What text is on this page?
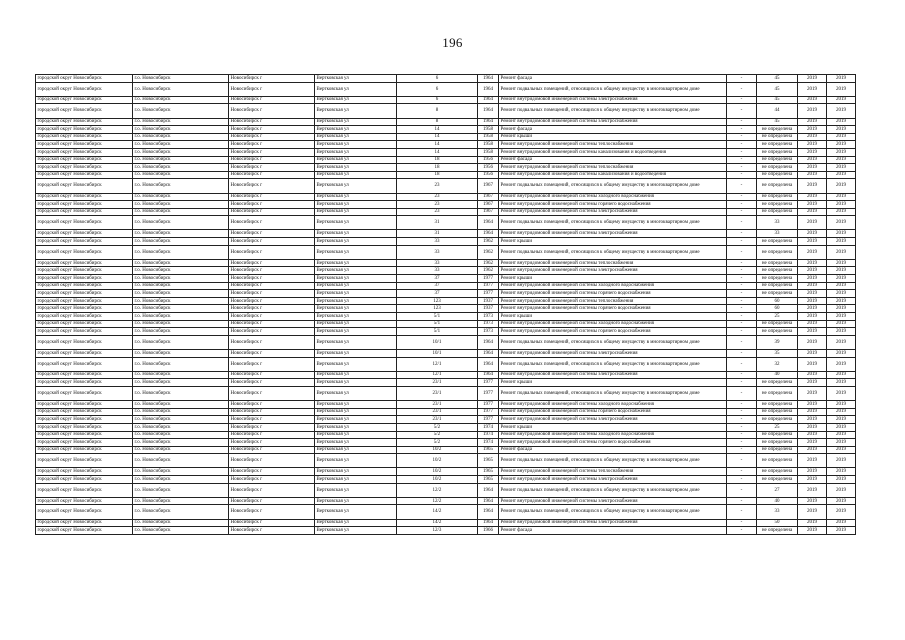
196
городской округ Новосибирск	г.о. Новосибирск	Новосибирск г	Вертковская ул	6	1964	Ремонт фасада	-	45	2019	2019
городской округ Новосибирск	г.о. Новосибирск	Новосибирск г	Вертковская ул	6	1964	Ремонт подвальных помещений, относящихся к общему имуществу в многоквартирном доме	-	45	2019	2019
городской округ Новосибирск	г.о. Новосибирск	Новосибирск г	Вертковская ул	6	1964	Ремонт внутридомовой инженерной системы электроснабжения	-	45	2019	2019
городской округ Новосибирск	г.о. Новосибирск	Новосибирск г	Вертковская ул	8	1964	Ремонт подвальных помещений, относящихся к общему имуществу в многоквартирном доме	-	44	2019	2019
городской округ Новосибирск	г.о. Новосибирск	Новосибирск г	Вертковская ул	8	1964	Ремонт внутридомовой инженерной системы электроснабжения	-	45	2019	2019
городской округ Новосибирск	г.о. Новосибирск	Новосибирск г	Вертковская ул	14	1958	Ремонт фасада	-	не определена	2019	2019
городской округ Новосибирск	г.о. Новосибирск	Новосибирск г	Вертковская ул	14	1958	Ремонт крыши	-	не определена	2019	2019
городской округ Новосибирск	г.о. Новосибирск	Новосибирск г	Вертковская ул	14	1958	Ремонт внутридомовой инженерной системы теплоснабжения	-	не определена	2019	2019
городской округ Новосибирск	г.о. Новосибирск	Новосибирск г	Вертковская ул	14	1958	Ремонт внутридомовой инженерной системы канализования и водоотведения	-	не определена	2019	2019
городской округ Новосибирск	г.о. Новосибирск	Новосибирск г	Вертковская ул	18	1956	Ремонт фасада	-	не определена	2019	2019
городской округ Новосибирск	г.о. Новосибирск	Новосибирск г	Вертковская ул	18	1956	Ремонт внутридомовой инженерной системы теплоснабжения	-	не определена	2019	2019
городской округ Новосибирск	г.о. Новосибирск	Новосибирск г	Вертковская ул	18	1956	Ремонт внутридомовой инженерной системы канализования и водоотведения	-	не определена	2019	2019
городской округ Новосибирск	г.о. Новосибирск	Новосибирск г	Вертковская ул	23	1967	Ремонт подвальных помещений, относящихся к общему имуществу в многоквартирном доме	-	не определена	2019	2019
городской округ Новосибирск	г.о. Новосибирск	Новосибирск г	Вертковская ул	23	1967	Ремонт внутридомовой инженерной системы холодного водоснабжения	-	не определена	2019	2019
городской округ Новосибирск	г.о. Новосибирск	Новосибирск г	Вертковская ул	23	1967	Ремонт внутридомовой инженерной системы горячего водоснабжения	-	не определена	2019	2019
городской округ Новосибирск	г.о. Новосибирск	Новосибирск г	Вертковская ул	23	1967	Ремонт внутридомовой инженерной системы электроснабжения	-	не определена	2019	2019
городской округ Новосибирск	г.о. Новосибирск	Новосибирск г	Вертковская ул	31	1964	Ремонт подвальных помещений, относящихся к общему имуществу в многоквартирном доме	-	33	2019	2019
городской округ Новосибирск	г.о. Новосибирск	Новосибирск г	Вертковская ул	31	1964	Ремонт внутридомовой инженерной системы электроснабжения	-	33	2019	2019
городской округ Новосибирск	г.о. Новосибирск	Новосибирск г	Вертковская ул	33	1962	Ремонт крыши	-	не определена	2019	2019
городской округ Новосибирск	г.о. Новосибирск	Новосибирск г	Вертковская ул	33	1962	Ремонт подвальных помещений, относящихся к общему имуществу в многоквартирном доме	-	не определена	2019	2019
городской округ Новосибирск	г.о. Новосибирск	Новосибирск г	Вертковская ул	33	1962	Ремонт внутридомовой инженерной системы теплоснабжения	-	не определена	2019	2019
городской округ Новосибирск	г.о. Новосибирск	Новосибирск г	Вертковская ул	33	1962	Ремонт внутридомовой инженерной системы электроснабжения	-	не определена	2019	2019
городской округ Новосибирск	г.о. Новосибирск	Новосибирск г	Вертковская ул	37	1977	Ремонт крыши	-	не определена	2019	2019
городской округ Новосибирск	г.о. Новосибирск	Новосибирск г	Вертковская ул	37	1977	Ремонт внутридомовой инженерной системы холодного водоснабжения	-	не определена	2019	2019
городской округ Новосибирск	г.о. Новосибирск	Новосибирск г	Вертковская ул	37	1977	Ремонт внутридомовой инженерной системы горячего водоснабжения	-	не определена	2019	2019
городской округ Новосибирск	г.о. Новосибирск	Новосибирск г	Вертковская ул	123	1937	Ремонт внутридомовой инженерной системы теплоснабжения	-	60	2019	2019
городской округ Новосибирск	г.о. Новосибирск	Новосибирск г	Вертковская ул	123	1937	Ремонт внутридомовой инженерной системы горячего водоснабжения	-	60	2019	2019
городской округ Новосибирск	г.о. Новосибирск	Новосибирск г	Вертковская ул	5/1	1973	Ремонт крыши	-	25	2019	2019
городской округ Новосибирск	г.о. Новосибирск	Новосибирск г	Вертковская ул	5/1	1973	Ремонт внутридомовой инженерной системы холодного водоснабжения	-	не определена	2019	2019
городской округ Новосибирск	г.о. Новосибирск	Новосибирск г	Вертковская ул	5/1	1973	Ремонт внутридомовой инженерной системы горячего водоснабжения	-	не определена	2019	2019
городской округ Новосибирск	г.о. Новосибирск	Новосибирск г	Вертковская ул	10/1	1964	Ремонт подвальных помещений, относящихся к общему имуществу в многоквартирном доме	-	39	2019	2019
городской округ Новосибирск	г.о. Новосибирск	Новосибирск г	Вертковская ул	10/1	1964	Ремонт внутридомовой инженерной системы электроснабжения	-	35	2019	2019
городской округ Новосибирск	г.о. Новосибирск	Новосибирск г	Вертковская ул	12/1	1964	Ремонт подвальных помещений, относящихся к общему имуществу в многоквартирном доме	-	32	2019	2019
городской округ Новосибирск	г.о. Новосибирск	Новосибирск г	Вертковская ул	12/1	1964	Ремонт внутридомовой инженерной системы электроснабжения	-	40	2019	2019
городской округ Новосибирск	г.о. Новосибирск	Новосибирск г	Вертковская ул	23/1	1977	Ремонт крыши	-	не определена	2019	2019
городской округ Новосибирск	г.о. Новосибирск	Новосибирск г	Вертковская ул	23/1	1977	Ремонт подвальных помещений, относящихся к общему имуществу в многоквартирном доме	-	не определена	2019	2019
городской округ Новосибирск	г.о. Новосибирск	Новосибирск г	Вертковская ул	23/1	1977	Ремонт внутридомовой инженерной системы холодного водоснабжения	-	не определена	2019	2019
городской округ Новосибирск	г.о. Новосибирск	Новосибирск г	Вертковская ул	23/1	1977	Ремонт внутридомовой инженерной системы горячего водоснабжения	-	не определена	2019	2019
городской округ Новосибирск	г.о. Новосибирск	Новосибирск г	Вертковская ул	23/1	1977	Ремонт внутридомовой инженерной системы электроснабжения	-	не определена	2019	2019
городской округ Новосибирск	г.о. Новосибирск	Новосибирск г	Вертковская ул	5/2	1974	Ремонт крыши	-	25	2019	2019
городской округ Новосибирск	г.о. Новосибирск	Новосибирск г	Вертковская ул	5/2	1974	Ремонт внутридомовой инженерной системы холодного водоснабжения	-	не определена	2019	2019
городской округ Новосибирск	г.о. Новосибирск	Новосибирск г	Вертковская ул	5/2	1974	Ремонт внутридомовой инженерной системы горячего водоснабжения	-	не определена	2019	2019
городской округ Новосибирск	г.о. Новосибирск	Новосибирск г	Вертковская ул	10/2	1965	Ремонт фасада	-	не определена	2019	2019
городской округ Новосибирск	г.о. Новосибирск	Новосибирск г	Вертковская ул	10/2	1965	Ремонт подвальных помещений, относящихся к общему имуществу в многоквартирном доме	-	не определена	2019	2019
городской округ Новосибирск	г.о. Новосибирск	Новосибирск г	Вертковская ул	10/2	1965	Ремонт внутридомовой инженерной системы теплоснабжения	-	не определена	2019	2019
городской округ Новосибирск	г.о. Новосибирск	Новосибирск г	Вертковская ул	10/2	1965	Ремонт внутридомовой инженерной системы электроснабжения	-	не определена	2019	2019
городской округ Новосибирск	г.о. Новосибирск	Новосибирск г	Вертковская ул	12/2	1964	Ремонт подвальных помещений, относящихся к общему имуществу в многоквартирном доме	-	27	2019	2019
городской округ Новосибирск	г.о. Новосибирск	Новосибирск г	Вертковская ул	12/2	1964	Ремонт внутридомовой инженерной системы электроснабжения	-	40	2019	2019
городской округ Новосибирск	г.о. Новосибирск	Новосибирск г	Вертковская ул	14/2	1964	Ремонт подвальных помещений, относящихся к общему имуществу в многоквартирном доме	-	33	2019	2019
городской округ Новосибирск	г.о. Новосибирск	Новосибирск г	Вертковская ул	14/2	1964	Ремонт внутридомовой инженерной системы электроснабжения	-	50	2019	2019
городской округ Новосибирск	г.о. Новосибирск	Новосибирск г	Вертковская ул	12/3	1966	Ремонт фасада	-	не определена	2019	2019
